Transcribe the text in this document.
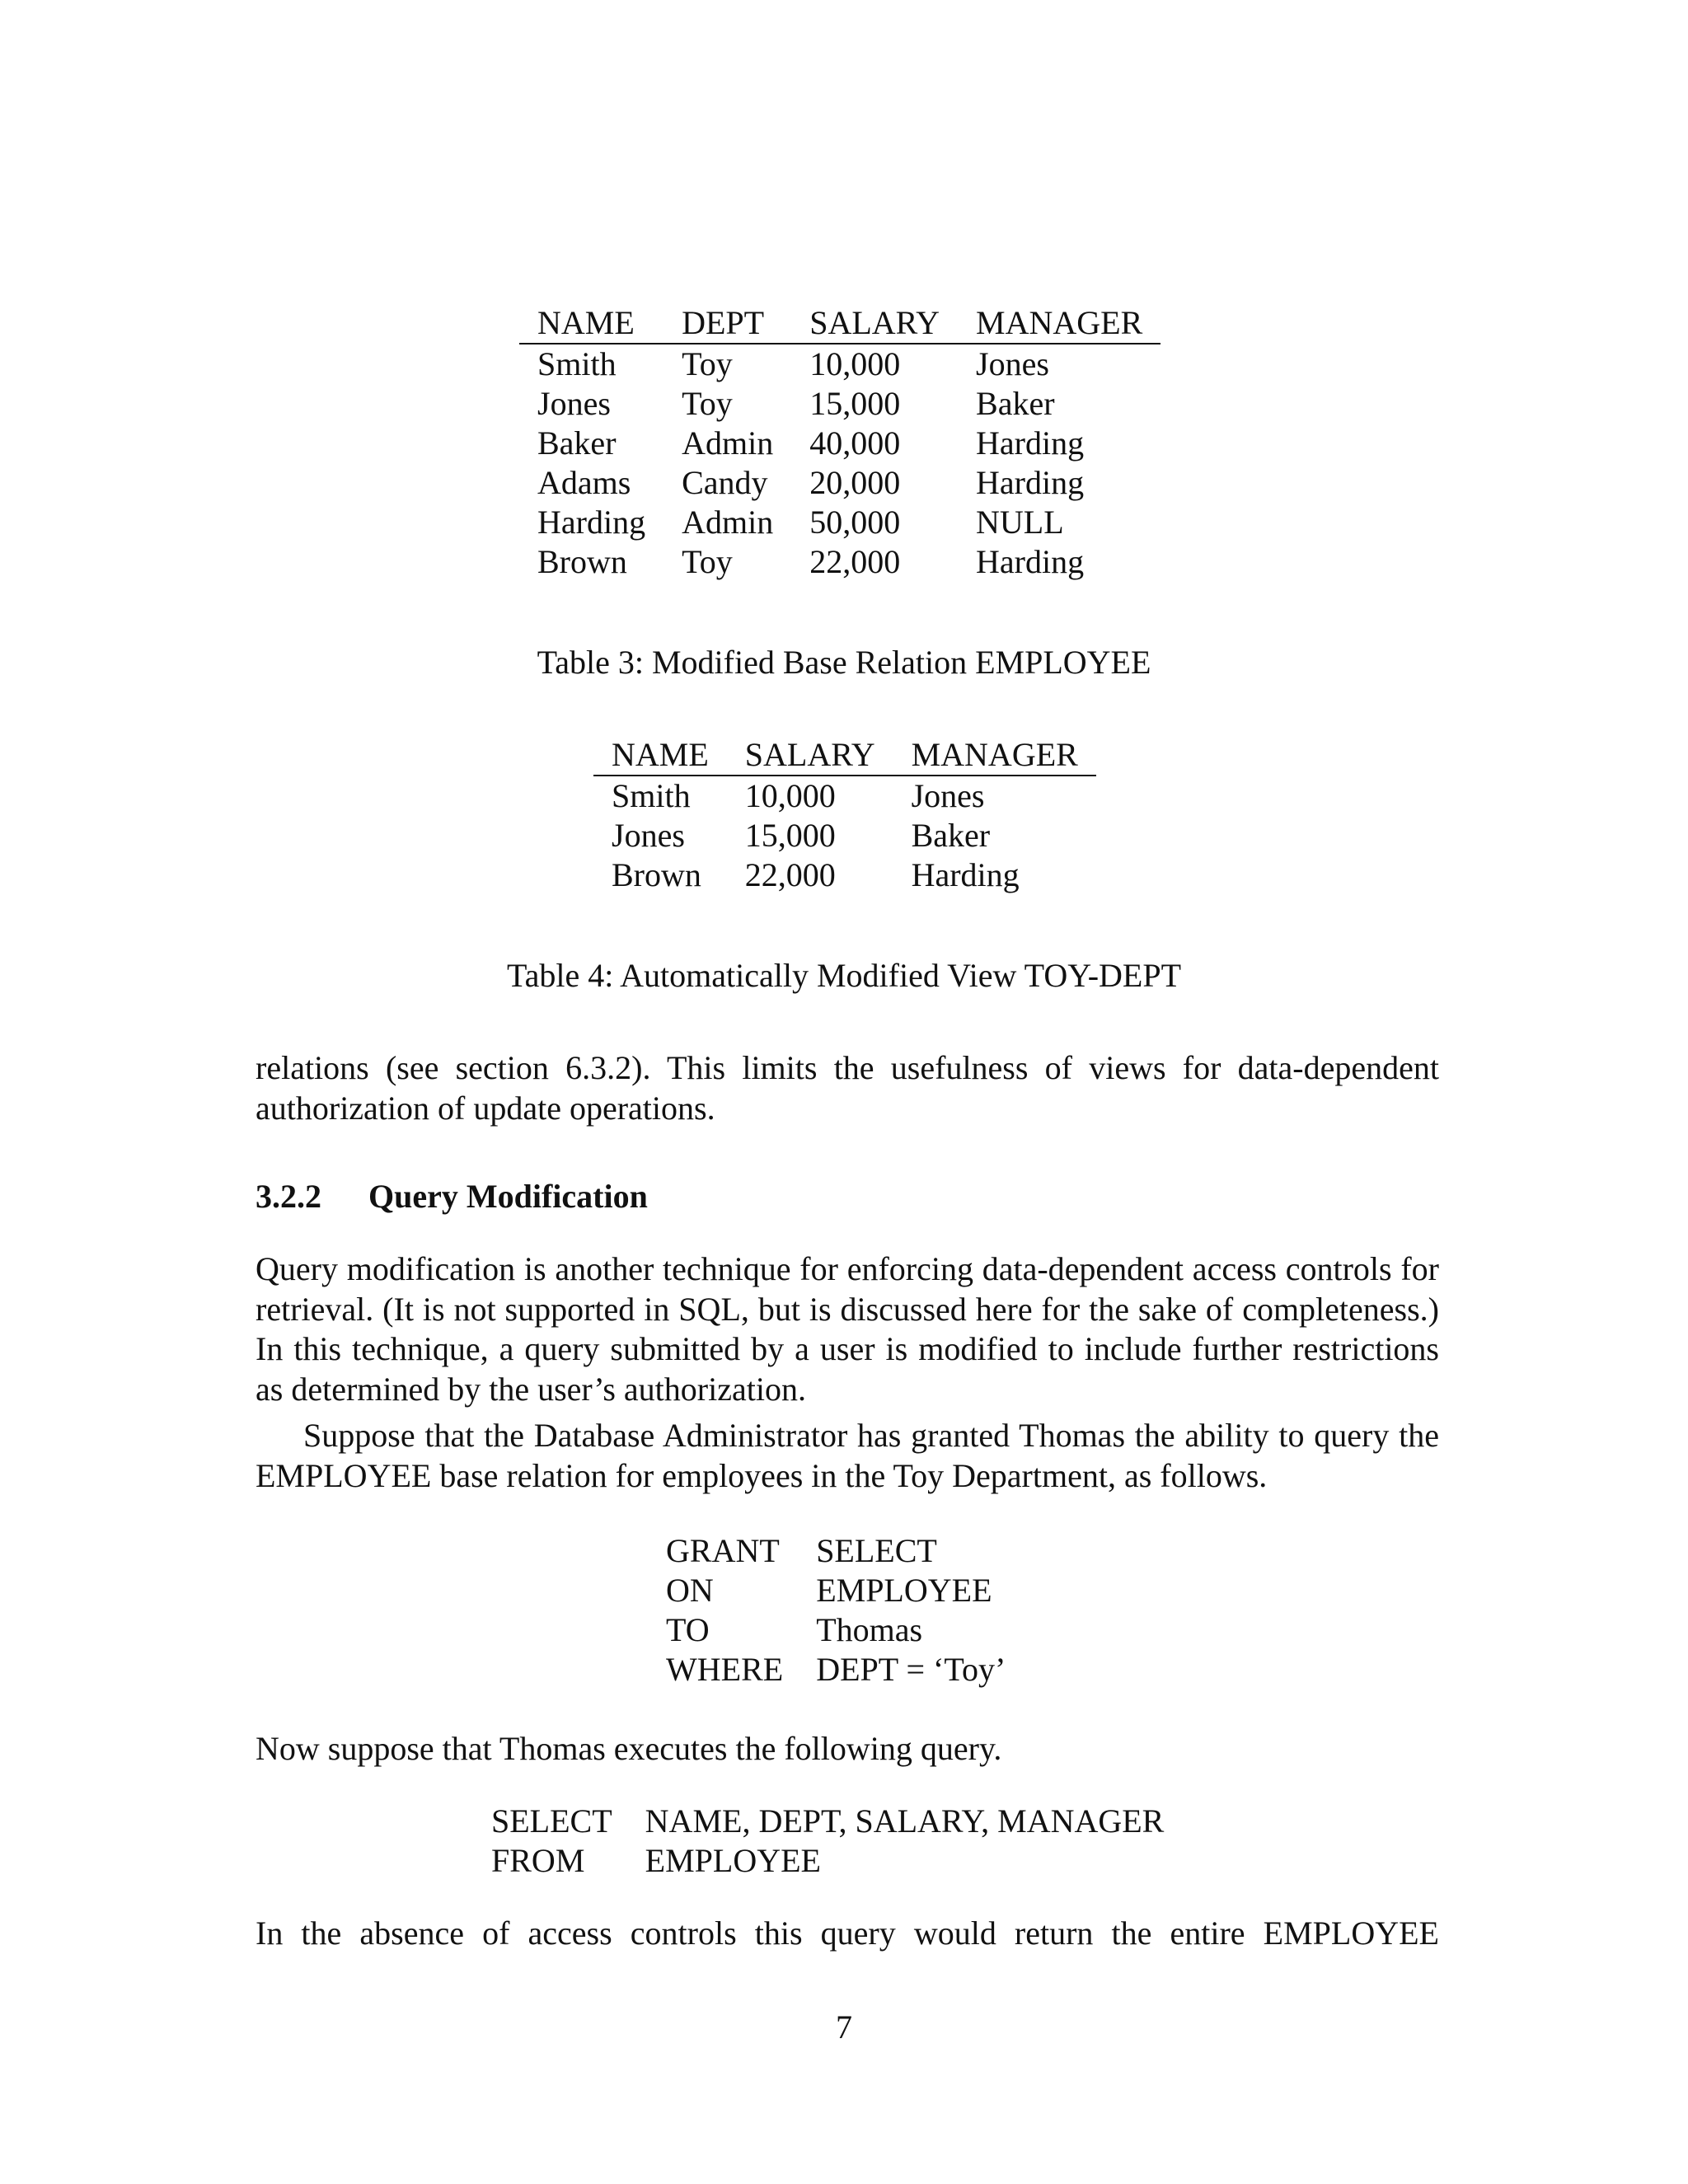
NAME	DEPT	SALARY	MANAGER
Smith	Toy	10,000	Jones
Jones	Toy	15,000	Baker
Baker	Admin	40,000	Harding
Adams	Candy	20,000	Harding
Harding	Admin	50,000	NULL
Brown	Toy	22,000	Harding
Table 3: Modified Base Relation EMPLOYEE
NAME	SALARY	MANAGER
Smith	10,000	Jones
Jones	15,000	Baker
Brown	22,000	Harding
Table 4: Automatically Modified View TOY-DEPT

relations (see section 6.3.2). This limits the usefulness of views for data-dependent authorization of update operations.

3.2.2 Query Modification

Query modification is another technique for enforcing data-dependent access controls for retrieval. (It is not supported in SQL, but is discussed here for the sake of completeness.) In this technique, a query submitted by a user is modified to include further restrictions as determined by the user’s authorization.

Suppose that the Database Administrator has granted Thomas the ability to query the EMPLOYEE base relation for employees in the Toy Department, as follows.

GRANT	SELECT
ON	EMPLOYEE
TO	Thomas
WHERE	DEPT = ‘Toy’

Now suppose that Thomas executes the following query.

SELECT	NAME, DEPT, SALARY, MANAGER
FROM	EMPLOYEE

In the absence of access controls this query would return the entire EMPLOYEE

7
